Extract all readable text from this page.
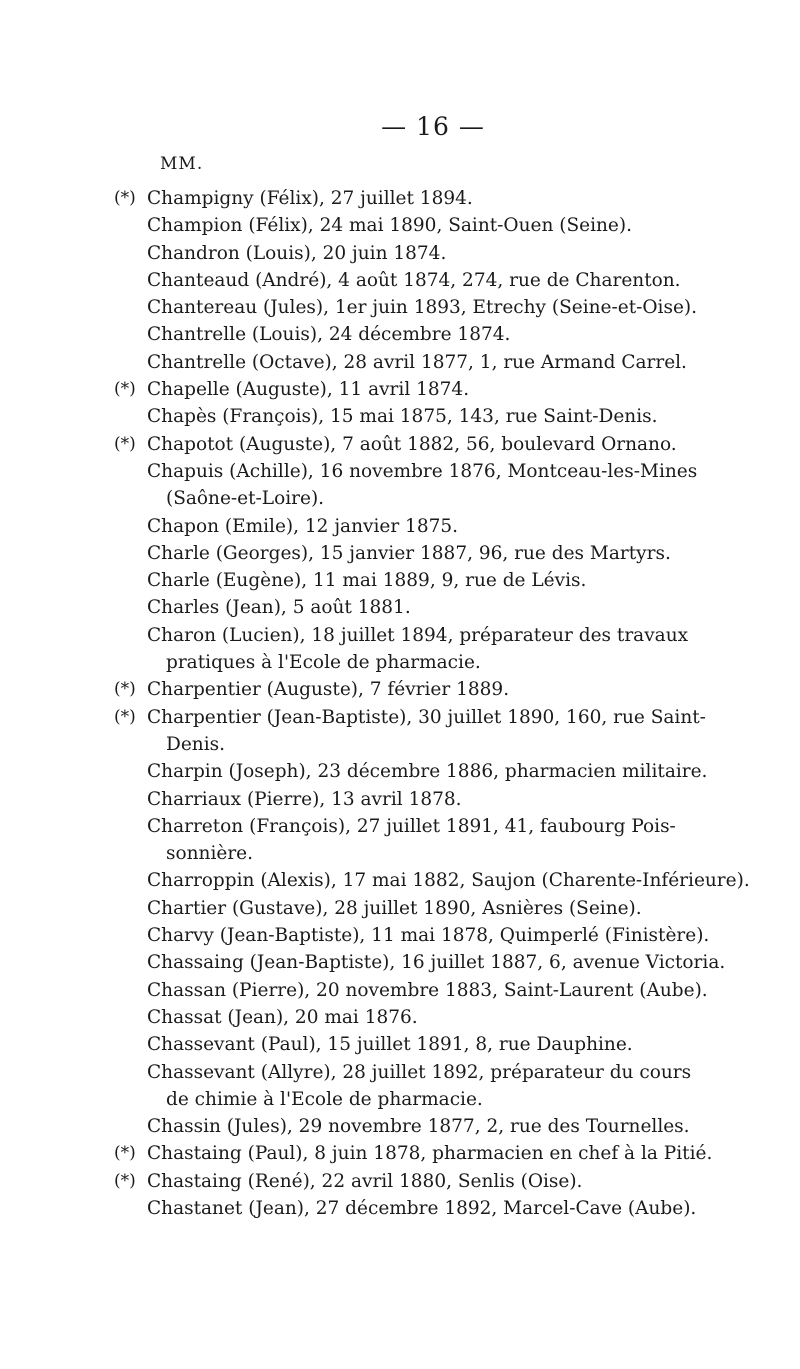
— 16 —
MM.
(*) Champigny (Félix), 27 juillet 1894.
Champion (Félix), 24 mai 1890, Saint-Ouen (Seine).
Chandron (Louis), 20 juin 1874.
Chanteaud (André), 4 août 1874, 274, rue de Charenton.
Chantereau (Jules), 1er juin 1893, Etrechy (Seine-et-Oise).
Chantrelle (Louis), 24 décembre 1874.
Chantrelle (Octave), 28 avril 1877, 1, rue Armand Carrel.
(*) Chapelle (Auguste), 11 avril 1874.
Chapès (François), 15 mai 1875, 143, rue Saint-Denis.
(*) Chapotot (Auguste), 7 août 1882, 56, boulevard Ornano.
Chapuis (Achille), 16 novembre 1876, Montceau-les-Mines
(Saône-et-Loire).
Chapon (Emile), 12 janvier 1875.
Charle (Georges), 15 janvier 1887, 96, rue des Martyrs.
Charle (Eugène), 11 mai 1889, 9, rue de Lévis.
Charles (Jean), 5 août 1881.
Charon (Lucien), 18 juillet 1894, préparateur des travaux
pratiques à l'Ecole de pharmacie.
(*) Charpentier (Auguste), 7 février 1889.
(*) Charpentier (Jean-Baptiste), 30 juillet 1890, 160, rue Saint-
Denis.
Charpin (Joseph), 23 décembre 1886, pharmacien militaire.
Charriaux (Pierre), 13 avril 1878.
Charreton (François), 27 juillet 1891, 41, faubourg Pois-
sonnière.
Charroppin (Alexis), 17 mai 1882, Saujon (Charente-Inférieure).
Chartier (Gustave), 28 juillet 1890, Asnières (Seine).
Charvy (Jean-Baptiste), 11 mai 1878, Quimperlé (Finistère).
Chassaing (Jean-Baptiste), 16 juillet 1887, 6, avenue Victoria.
Chassan (Pierre), 20 novembre 1883, Saint-Laurent (Aube).
Chassat (Jean), 20 mai 1876.
Chassevant (Paul), 15 juillet 1891, 8, rue Dauphine.
Chassevant (Allyre), 28 juillet 1892, préparateur du cours
de chimie à l'Ecole de pharmacie.
Chassin (Jules), 29 novembre 1877, 2, rue des Tournelles.
(*) Chastaing (Paul), 8 juin 1878, pharmacien en chef à la Pitié.
(*) Chastaing (René), 22 avril 1880, Senlis (Oise).
Chastanet (Jean), 27 décembre 1892, Marcel-Cave (Aube).
